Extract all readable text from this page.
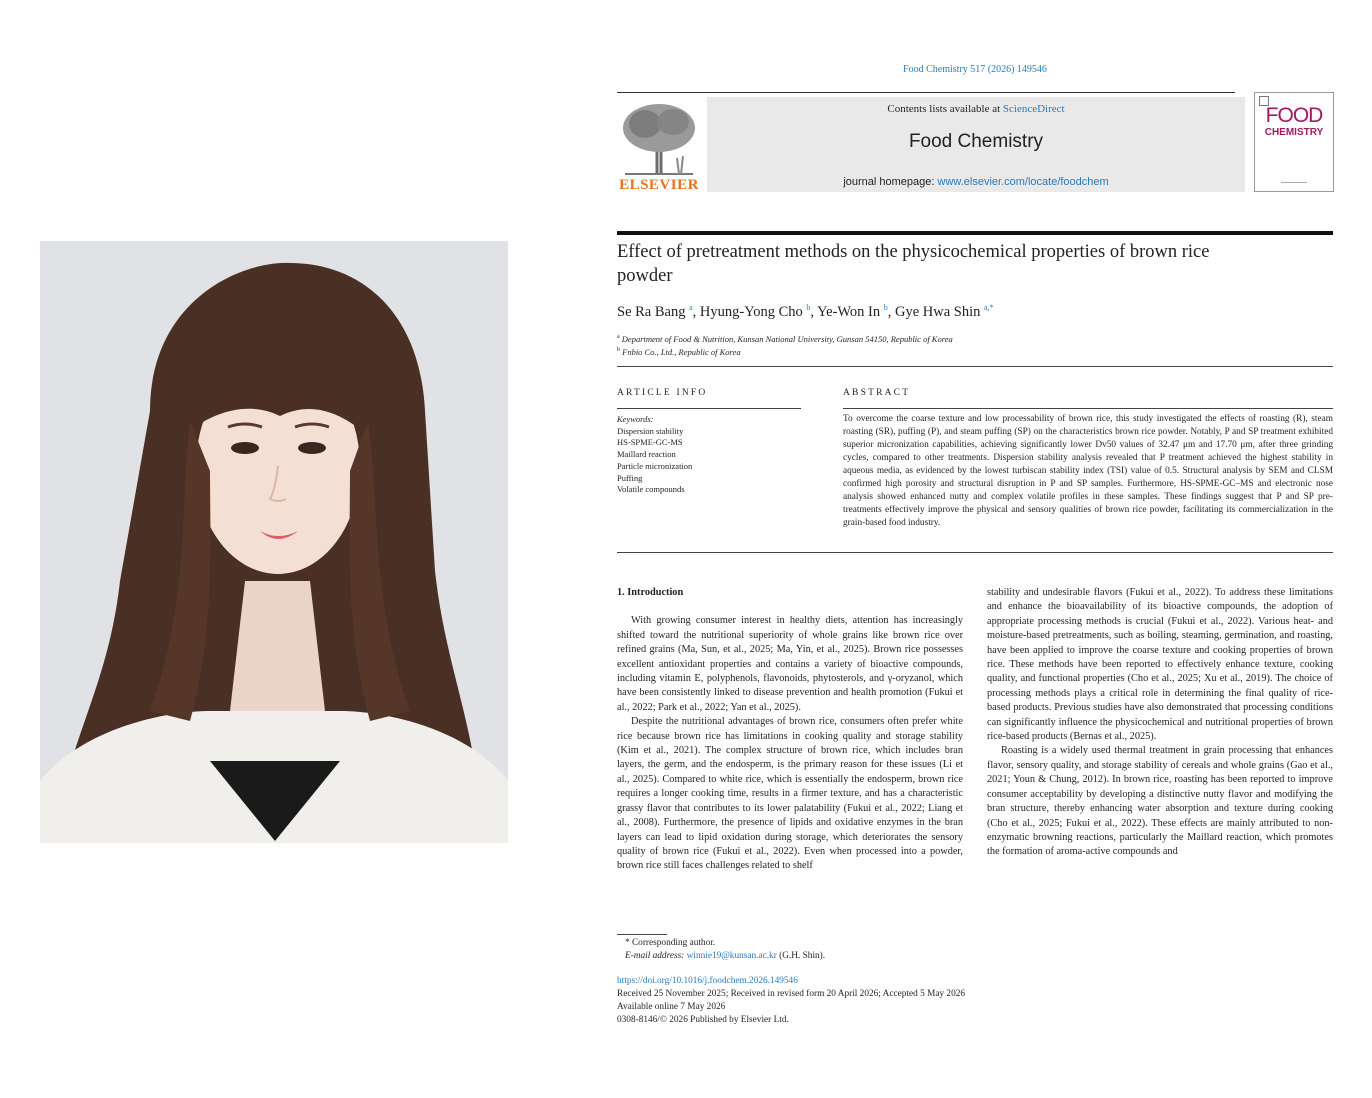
Food Chemistry 517 (2026) 149546
ELSEVIER
Contents lists available at ScienceDirect
Food Chemistry
journal homepage: www.elsevier.com/locate/foodchem
FOOD
CHEMISTRY
Effect of pretreatment methods on the physicochemical properties of brown rice powder
Se Ra Bang $^a$, Hyung-Yong Cho $^b$, Ye-Won In $^b$, Gye Hwa Shin $^{a,*}$
$^a$ Department of Food & Nutrition, Kunsan National University, Gunsan 54150, Republic of Korea
$^b$ Fnbio Co., Ltd., Republic of Korea
ARTICLE INFO	ABSTRACT
Keywords:
Dispersion stability
HS-SPME-GC-MS
Maillard reaction
Particle micronization
Puffing
Volatile compounds
To overcome the coarse texture and low processability of brown rice, this study investigated the effects of roasting (R), steam roasting (SR), puffing (P), and steam puffing (SP) on the characteristics brown rice powder. Notably, P and SP treatment exhibited superior micronization capabilities, achieving significantly lower Dv50 values of 32.47 μm and 17.70 μm, after three grinding cycles, compared to other treatments. Dispersion stability analysis revealed that P treatment achieved the highest stability in aqueous media, as evidenced by the lowest turbiscan stability index (TSI) value of 0.5. Structural analysis by SEM and CLSM confirmed high porosity and structural disruption in P and SP samples. Furthermore, HS-SPME-GC–MS and electronic nose analysis showed enhanced nutty and complex volatile profiles in these samples. These findings suggest that P and SP pre-treatments effectively improve the physical and sensory qualities of brown rice powder, facilitating its commercialization in the grain-based food industry.
1. Introduction

With growing consumer interest in healthy diets, attention has increasingly shifted toward the nutritional superiority of whole grains like brown rice over refined grains (Ma, Sun, et al., 2025; Ma, Yin, et al., 2025). Brown rice possesses excellent antioxidant properties and contains a variety of bioactive compounds, including vitamin E, polyphenols, flavonoids, phytosterols, and γ-oryzanol, which have been consistently linked to disease prevention and health promotion (Fukui et al., 2022; Park et al., 2022; Yan et al., 2025).

Despite the nutritional advantages of brown rice, consumers often prefer white rice because brown rice has limitations in cooking quality and storage stability (Kim et al., 2021). The complex structure of brown rice, which includes bran layers, the germ, and the endosperm, is the primary reason for these issues (Li et al., 2025). Compared to white rice, which is essentially the endosperm, brown rice requires a longer cooking time, results in a firmer texture, and has a characteristic grassy flavor that contributes to its lower palatability (Fukui et al., 2022; Liang et al., 2008). Furthermore, the presence of lipids and oxidative enzymes in the bran layers can lead to lipid oxidation during storage, which deteriorates the sensory quality of brown rice (Fukui et al., 2022). Even when processed into a powder, brown rice still faces challenges related to shelf

stability and undesirable flavors (Fukui et al., 2022). To address these limitations and enhance the bioavailability of its bioactive compounds, the adoption of appropriate processing methods is crucial (Fukui et al., 2022). Various heat- and moisture-based pretreatments, such as boiling, steaming, germination, and roasting, have been applied to improve the coarse texture and cooking properties of brown rice. These methods have been reported to effectively enhance texture, cooking quality, and functional properties (Cho et al., 2025; Xu et al., 2019). The choice of processing methods plays a critical role in determining the final quality of rice-based products. Previous studies have also demonstrated that processing conditions can significantly influence the physicochemical and nutritional properties of brown rice-based products (Bernas et al., 2025).

Roasting is a widely used thermal treatment in grain processing that enhances flavor, sensory quality, and storage stability of cereals and whole grains (Gao et al., 2021; Youn & Chung, 2012). In brown rice, roasting has been reported to improve consumer acceptability by developing a distinctive nutty flavor and modifying the bran structure, thereby enhancing water absorption and texture during cooking (Cho et al., 2025; Fukui et al., 2022). These effects are mainly attributed to non-enzymatic browning reactions, particularly the Maillard reaction, which promotes the formation of aroma-active compounds and

* Corresponding author.
E-mail address: winnie19@kunsan.ac.kr (G.H. Shin).
https://doi.org/10.1016/j.foodchem.2026.149546
Received 25 November 2025; Received in revised form 20 April 2026; Accepted 5 May 2026
Available online 7 May 2026
0308-8146/© 2026 Published by Elsevier Ltd.
